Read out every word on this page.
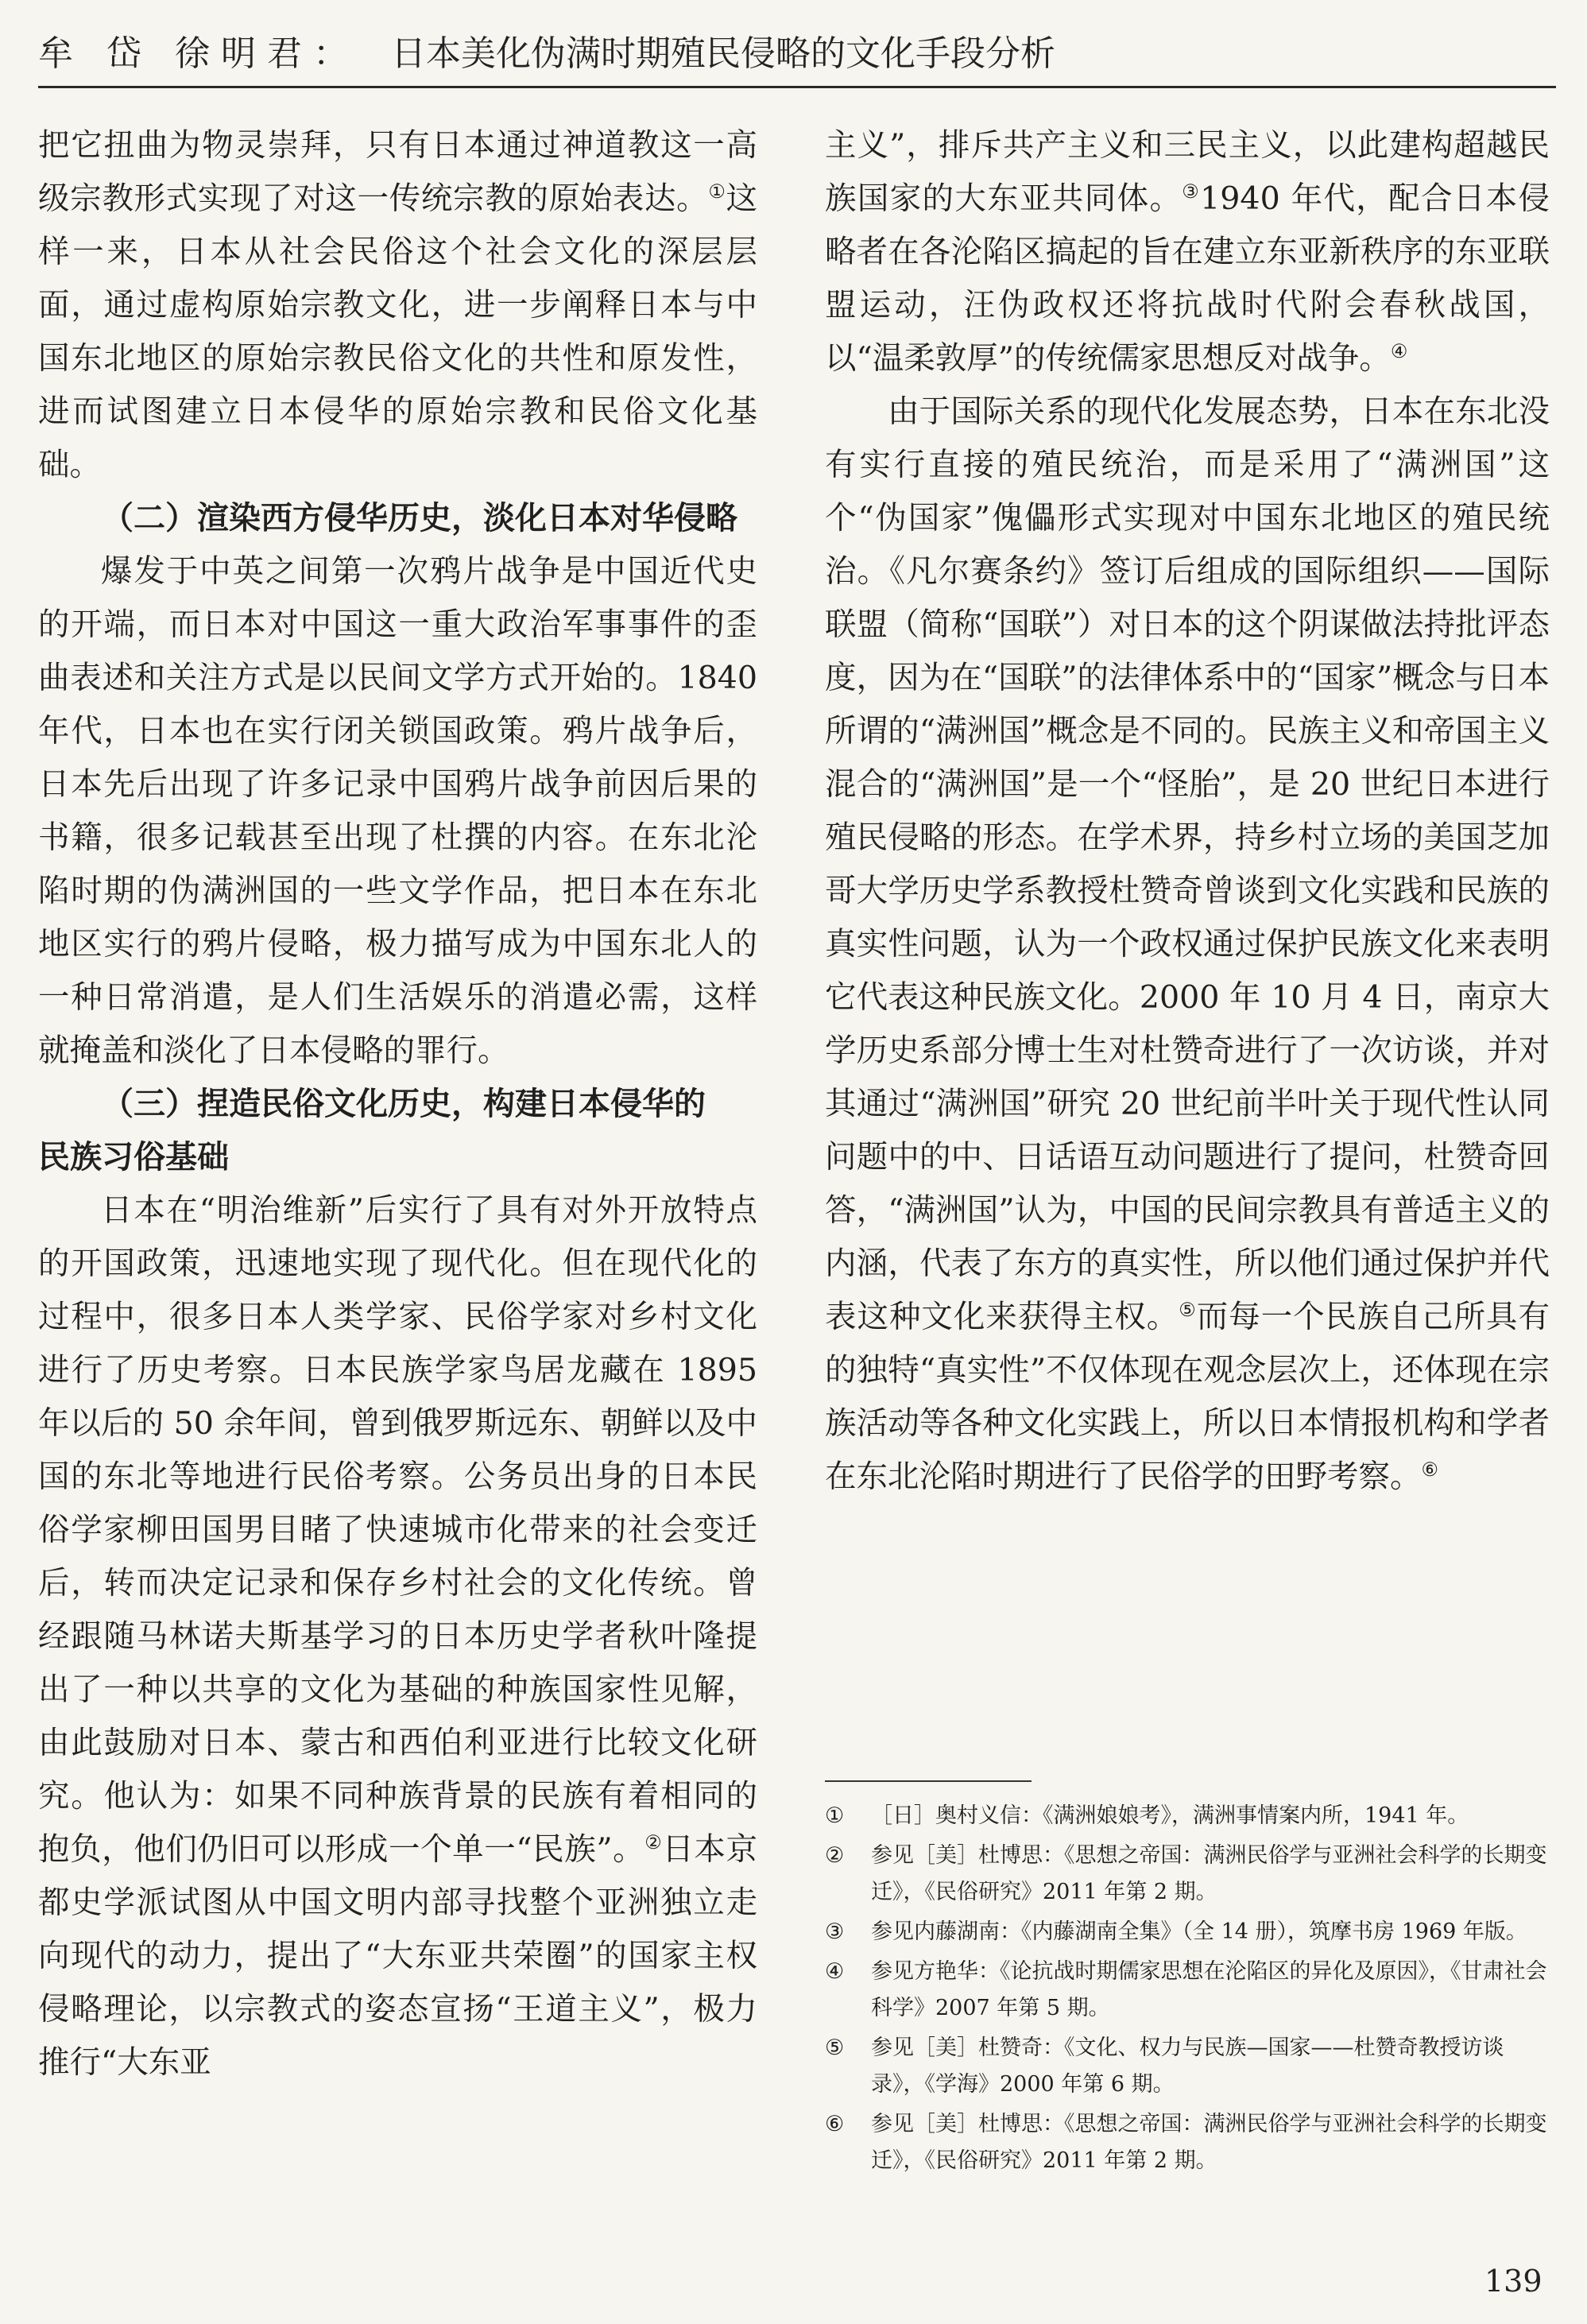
牟 岱 徐明君： 日本美化伪满时期殖民侵略的文化手段分析

把它扭曲为物灵崇拜，只有日本通过神道教这一高级宗教形式实现了对这一传统宗教的原始表达。①这样一来，日本从社会民俗这个社会文化的深层层面，通过虚构原始宗教文化，进一步阐释日本与中国东北地区的原始宗教民俗文化的共性和原发性，进而试图建立日本侵华的原始宗教和民俗文化基础。

（二）渲染西方侵华历史，淡化日本对华侵略

爆发于中英之间第一次鸦片战争是中国近代史的开端，而日本对中国这一重大政治军事事件的歪曲表述和关注方式是以民间文学方式开始的。1840 年代，日本也在实行闭关锁国政策。鸦片战争后，日本先后出现了许多记录中国鸦片战争前因后果的书籍，很多记载甚至出现了杜撰的内容。在东北沦陷时期的伪满洲国的一些文学作品，把日本在东北地区实行的鸦片侵略，极力描写成为中国东北人的一种日常消遣，是人们生活娱乐的消遣必需，这样就掩盖和淡化了日本侵略的罪行。

（三）捏造民俗文化历史，构建日本侵华的
民族习俗基础

日本在“明治维新”后实行了具有对外开放特点的开国政策，迅速地实现了现代化。但在现代化的过程中，很多日本人类学家、民俗学家对乡村文化进行了历史考察。日本民族学家鸟居龙藏在 1895 年以后的 50 余年间，曾到俄罗斯远东、朝鲜以及中国的东北等地进行民俗考察。公务员出身的日本民俗学家柳田国男目睹了快速城市化带来的社会变迁后，转而决定记录和保存乡村社会的文化传统。曾经跟随马林诺夫斯基学习的日本历史学者秋叶隆提出了一种以共享的文化为基础的种族国家性见解，由此鼓励对日本、蒙古和西伯利亚进行比较文化研究。他认为：如果不同种族背景的民族有着相同的抱负，他们仍旧可以形成一个单一“民族”。②日本京都史学派试图从中国文明内部寻找整个亚洲独立走向现代的动力，提出了“大东亚共荣圈”的国家主权侵略理论，以宗教式的姿态宣扬“王道主义”，极力推行“大东亚

主义”，排斥共产主义和三民主义，以此建构超越民族国家的大东亚共同体。③1940 年代，配合日本侵略者在各沦陷区搞起的旨在建立东亚新秩序的东亚联盟运动，汪伪政权还将抗战时代附会春秋战国，以“温柔敦厚”的传统儒家思想反对战争。④

由于国际关系的现代化发展态势，日本在东北没有实行直接的殖民统治，而是采用了“满洲国”这个“伪国家”傀儡形式实现对中国东北地区的殖民统治。《凡尔赛条约》签订后组成的国际组织——国际联盟（简称“国联”）对日本的这个阴谋做法持批评态度，因为在“国联”的法律体系中的“国家”概念与日本所谓的“满洲国”概念是不同的。民族主义和帝国主义混合的“满洲国”是一个“怪胎”，是 20 世纪日本进行殖民侵略的形态。在学术界，持乡村立场的美国芝加哥大学历史学系教授杜赞奇曾谈到文化实践和民族的真实性问题，认为一个政权通过保护民族文化来表明它代表这种民族文化。2000 年 10 月 4 日，南京大学历史系部分博士生对杜赞奇进行了一次访谈，并对其通过“满洲国”研究 20 世纪前半叶关于现代性认同问题中的中、日话语互动问题进行了提问，杜赞奇回答，“满洲国”认为，中国的民间宗教具有普适主义的内涵，代表了东方的真实性，所以他们通过保护并代表这种文化来获得主权。⑤而每一个民族自己所具有的独特“真实性”不仅体现在观念层次上，还体现在宗族活动等各种文化实践上，所以日本情报机构和学者在东北沦陷时期进行了民俗学的田野考察。⑥

①	［日］奥村义信：《满洲娘娘考》，满洲事情案内所，1941 年。
②	参见［美］杜博思：《思想之帝国：满洲民俗学与亚洲社会科学的长期变迁》，《民俗研究》2011 年第 2 期。
③	参见内藤湖南：《内藤湖南全集》（全 14 册），筑摩书房 1969 年版。
④	参见方艳华：《论抗战时期儒家思想在沦陷区的异化及原因》，《甘肃社会科学》2007 年第 5 期。
⑤	参见［美］杜赞奇：《文化、权力与民族—国家——杜赞奇教授访谈录》，《学海》2000 年第 6 期。
⑥	参见［美］杜博思：《思想之帝国：满洲民俗学与亚洲社会科学的长期变迁》，《民俗研究》2011 年第 2 期。
139
